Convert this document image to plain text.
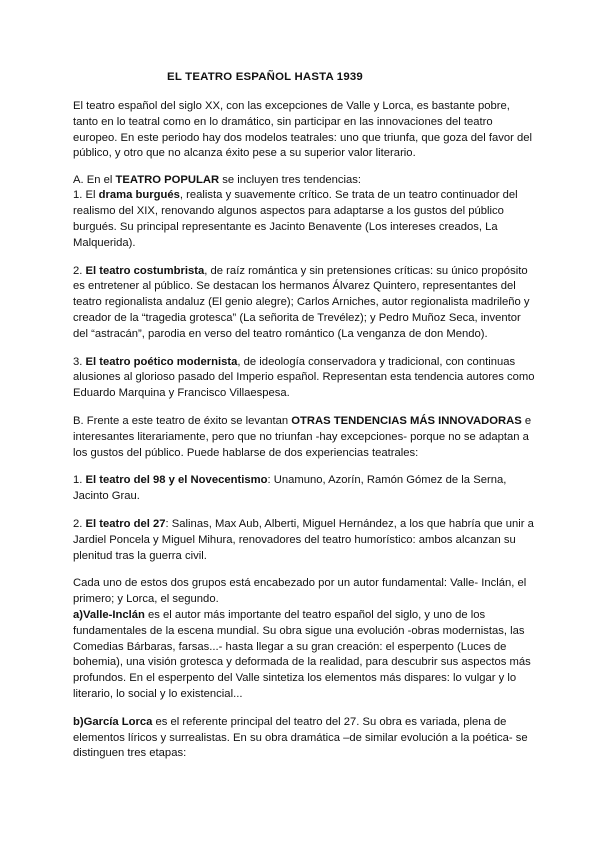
EL TEATRO ESPAÑOL HASTA 1939

El teatro español del siglo XX, con las excepciones de Valle y Lorca, es bastante pobre, tanto en lo teatral como en lo dramático, sin participar en las innovaciones del teatro europeo. En este periodo hay dos modelos teatrales: uno que triunfa, que goza del favor del público, y otro que no alcanza éxito pese a su superior valor literario.

A. En el TEATRO POPULAR se incluyen tres tendencias:

1. El drama burgués, realista y suavemente crítico. Se trata de un teatro continuador del realismo del XIX, renovando algunos aspectos para adaptarse a los gustos del público burgués. Su principal representante es Jacinto Benavente (Los intereses creados, La Malquerida).

2. El teatro costumbrista, de raíz romántica y sin pretensiones críticas: su único propósito es entretener al público. Se destacan los hermanos Álvarez Quintero, representantes del teatro regionalista andaluz (El genio alegre); Carlos Arniches, autor regionalista madrileño y creador de la “tragedia grotesca” (La señorita de Trevélez); y Pedro Muñoz Seca, inventor del “astracán”, parodia en verso del teatro romántico (La venganza de don Mendo).

3. El teatro poético modernista, de ideología conservadora y tradicional, con continuas alusiones al glorioso pasado del Imperio español. Representan esta tendencia autores como Eduardo Marquina y Francisco Villaespesa.

B. Frente a este teatro de éxito se levantan OTRAS TENDENCIAS MÁS INNOVADORAS e interesantes literariamente, pero que no triunfan -hay excepciones- porque no se adaptan a los gustos del público. Puede hablarse de dos experiencias teatrales:

1. El teatro del 98 y el Novecentismo: Unamuno, Azorín, Ramón Gómez de la Serna, Jacinto Grau.

2. El teatro del 27: Salinas, Max Aub, Alberti, Miguel Hernández, a los que habría que unir a Jardiel Poncela y Miguel Mihura, renovadores del teatro humorístico: ambos alcanzan su plenitud tras la guerra civil.

Cada uno de estos dos grupos está encabezado por un autor fundamental: Valle- Inclán, el primero; y Lorca, el segundo.

a)Valle-Inclán es el autor más importante del teatro español del siglo, y uno de los fundamentales de la escena mundial. Su obra sigue una evolución -obras modernistas, las Comedias Bárbaras, farsas...- hasta llegar a su gran creación: el esperpento (Luces de bohemia), una visión grotesca y deformada de la realidad, para descubrir sus aspectos más profundos. En el esperpento del Valle sintetiza los elementos más dispares: lo vulgar y lo literario, lo social y lo existencial...

b)García Lorca es el referente principal del teatro del 27. Su obra es variada, plena de elementos líricos y surrealistas. En su obra dramática –de similar evolución a la poética- se distinguen tres etapas:
